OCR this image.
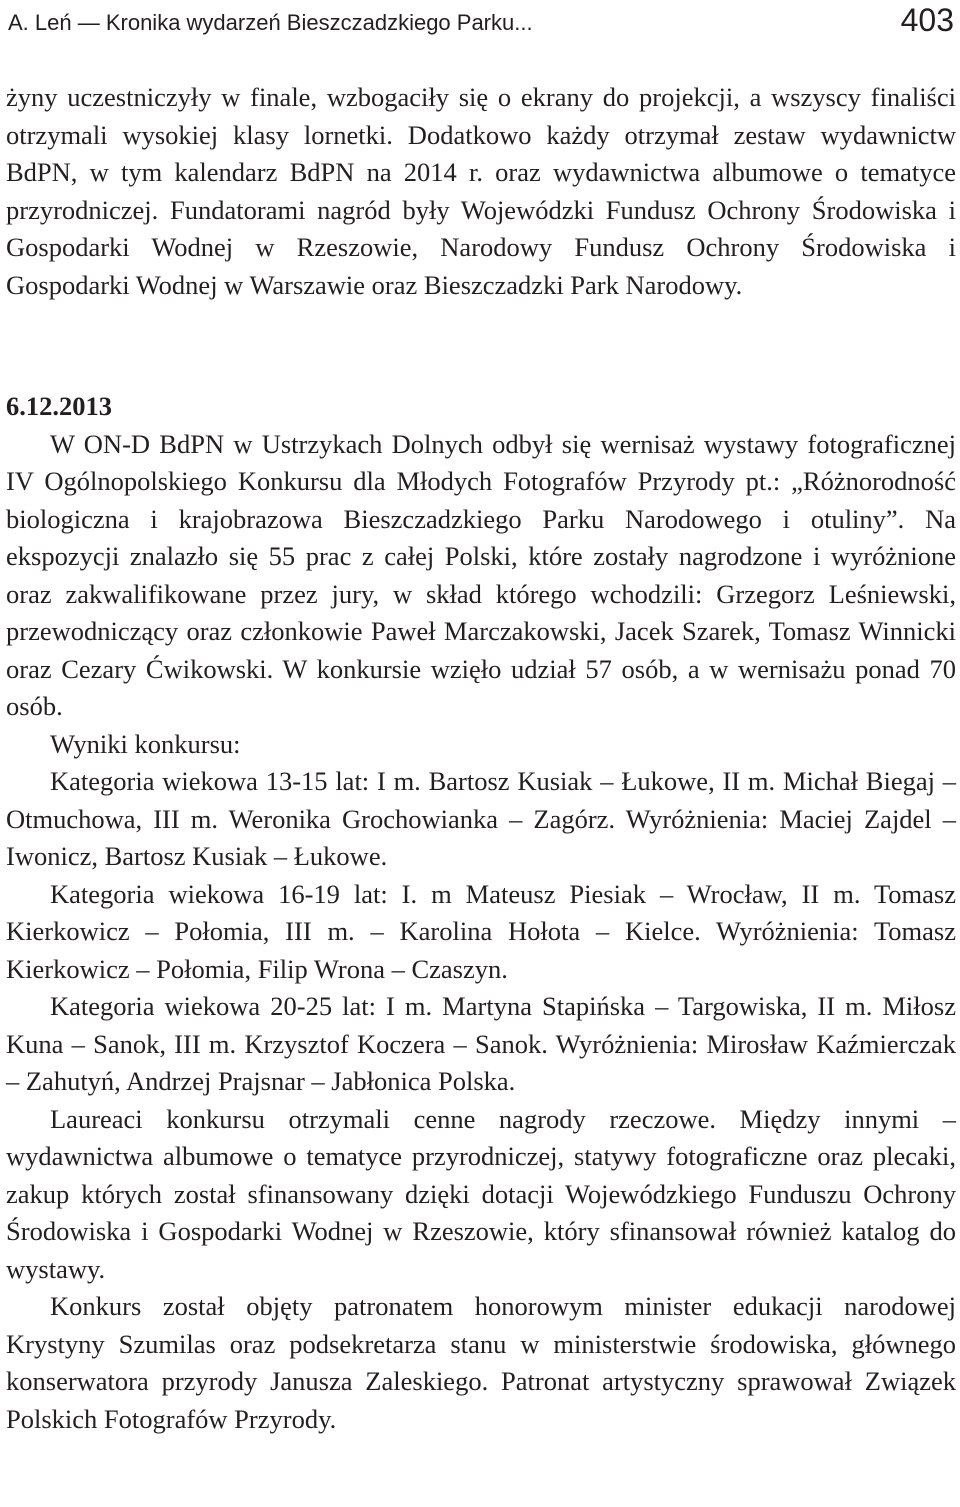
A. Leń — Kronika wydarzeń Bieszczadzkiego Parku...	403

żyny uczestniczyły w finale, wzbogaciły się o ekrany do projekcji, a wszyscy finaliści otrzymali wysokiej klasy lornetki. Dodatkowo każdy otrzymał zestaw wydawnictw BdPN, w tym kalendarz BdPN na 2014 r. oraz wydawnictwa albumowe o tematyce przyrodniczej. Fundatorami nagród były Wojewódzki Fundusz Ochrony Środowiska i Gospodarki Wodnej w Rzeszowie, Narodowy Fundusz Ochrony Środowiska i Gospodarki Wodnej w Warszawie oraz Bieszczadzki Park Narodowy.

6.12.2013

W ON-D BdPN w Ustrzykach Dolnych odbył się wernisaż wystawy fotograficznej IV Ogólnopolskiego Konkursu dla Młodych Fotografów Przyrody pt.: „Różnorodność biologiczna i krajobrazowa Bieszczadzkiego Parku Narodowego i otuliny”. Na ekspozycji znalazło się 55 prac z całej Polski, które zostały nagrodzone i wyróżnione oraz zakwalifikowane przez jury, w skład którego wchodzili: Grzegorz Leśniewski, przewodniczący oraz członkowie Paweł Marczakowski, Jacek Szarek, Tomasz Winnicki oraz Cezary Ćwikowski. W konkursie wzięło udział 57 osób, a w wernisażu ponad 70 osób.

Wyniki konkursu:

Kategoria wiekowa 13-15 lat: I m. Bartosz Kusiak – Łukowe, II m. Michał Biegaj – Otmuchowa, III m. Weronika Grochowianka – Zagórz. Wyróżnienia: Maciej Zajdel – Iwonicz, Bartosz Kusiak – Łukowe.

Kategoria wiekowa 16-19 lat: I. m Mateusz Piesiak – Wrocław, II m. Tomasz Kierkowicz – Połomia, III m. – Karolina Hołota – Kielce. Wyróżnienia: Tomasz Kierkowicz – Połomia, Filip Wrona – Czaszyn.

Kategoria wiekowa 20-25 lat: I m. Martyna Stapińska – Targowiska, II m. Miłosz Kuna – Sanok, III m. Krzysztof Koczera – Sanok. Wyróżnienia: Mirosław Kaźmierczak – Zahutyń, Andrzej Prajsnar – Jabłonica Polska.

Laureaci konkursu otrzymali cenne nagrody rzeczowe. Między innymi – wydawnictwa albumowe o tematyce przyrodniczej, statywy fotograficzne oraz plecaki, zakup których został sfinansowany dzięki dotacji Wojewódzkiego Funduszu Ochrony Środowiska i Gospodarki Wodnej w Rzeszowie, który sfinansował również katalog do wystawy.

Konkurs został objęty patronatem honorowym minister edukacji narodowej Krystyny Szumilas oraz podsekretarza stanu w ministerstwie środowiska, głównego konserwatora przyrody Janusza Zaleskiego. Patronat artystyczny sprawował Związek Polskich Fotografów Przyrody.
